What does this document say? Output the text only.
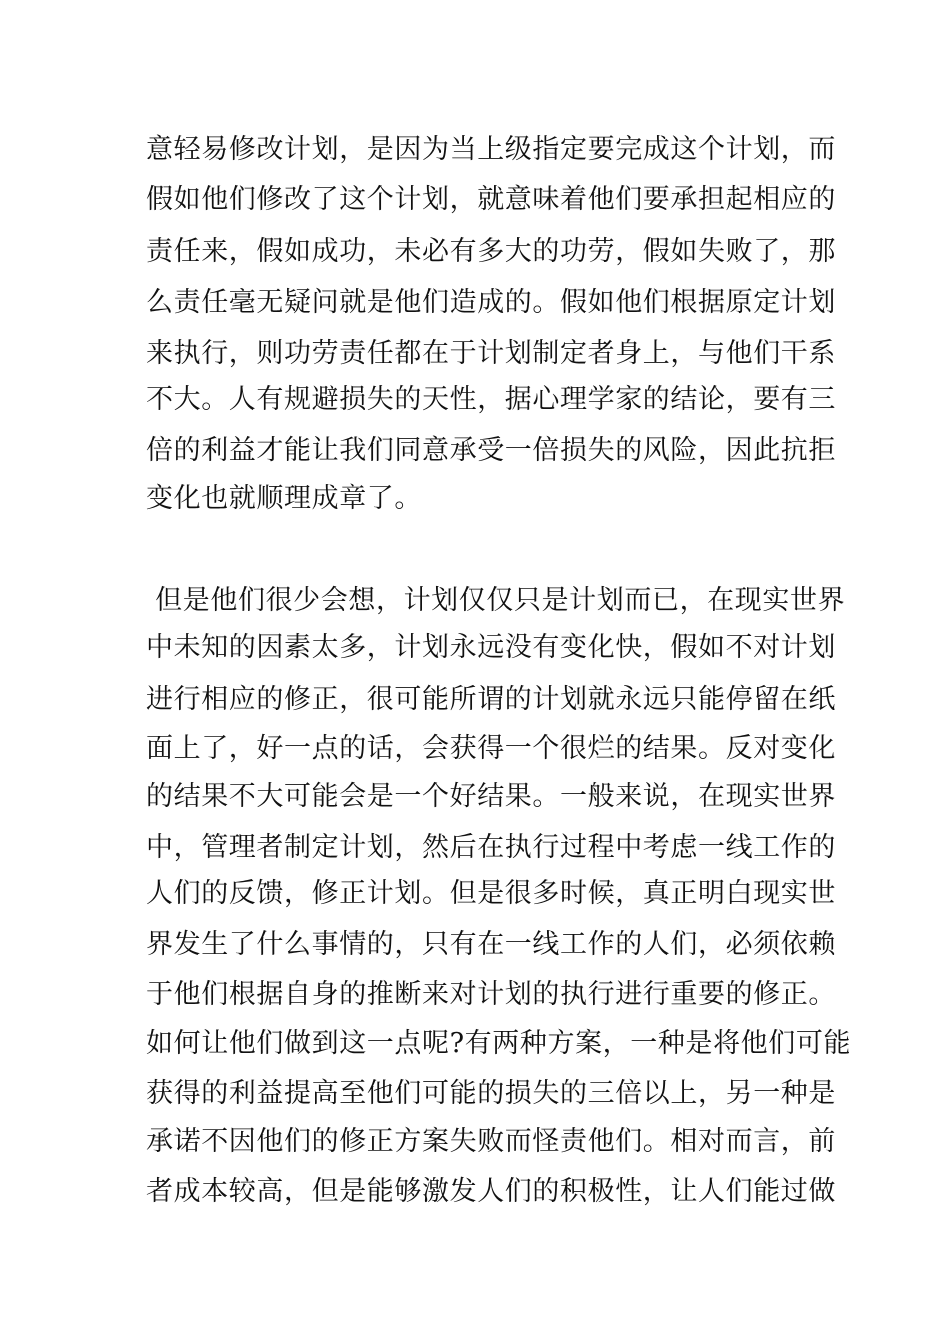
意轻易修改计划，是因为当上级指定要完成这个计划，而
假如他们修改了这个计划，就意味着他们要承担起相应的
责任来，假如成功，未必有多大的功劳，假如失败了，那
么责任毫无疑问就是他们造成的。假如他们根据原定计划
来执行，则功劳责任都在于计划制定者身上，与他们干系
不大。人有规避损失的天性，据心理学家的结论，要有三
倍的利益才能让我们同意承受一倍损失的风险，因此抗拒
变化也就顺理成章了。
但是他们很少会想，计划仅仅只是计划而已，在现实世界
中未知的因素太多，计划永远没有变化快，假如不对计划
进行相应的修正，很可能所谓的计划就永远只能停留在纸
面上了，好一点的话，会获得一个很烂的结果。反对变化
的结果不大可能会是一个好结果。一般来说，在现实世界
中，管理者制定计划，然后在执行过程中考虑一线工作的
人们的反馈，修正计划。但是很多时候，真正明白现实世
界发生了什么事情的，只有在一线工作的人们，必须依赖
于他们根据自身的推断来对计划的执行进行重要的修正。
如何让他们做到这一点呢?有两种方案，一种是将他们可能
获得的利益提高至他们可能的损失的三倍以上，另一种是
承诺不因他们的修正方案失败而怪责他们。相对而言，前
者成本较高，但是能够激发人们的积极性，让人们能过做
